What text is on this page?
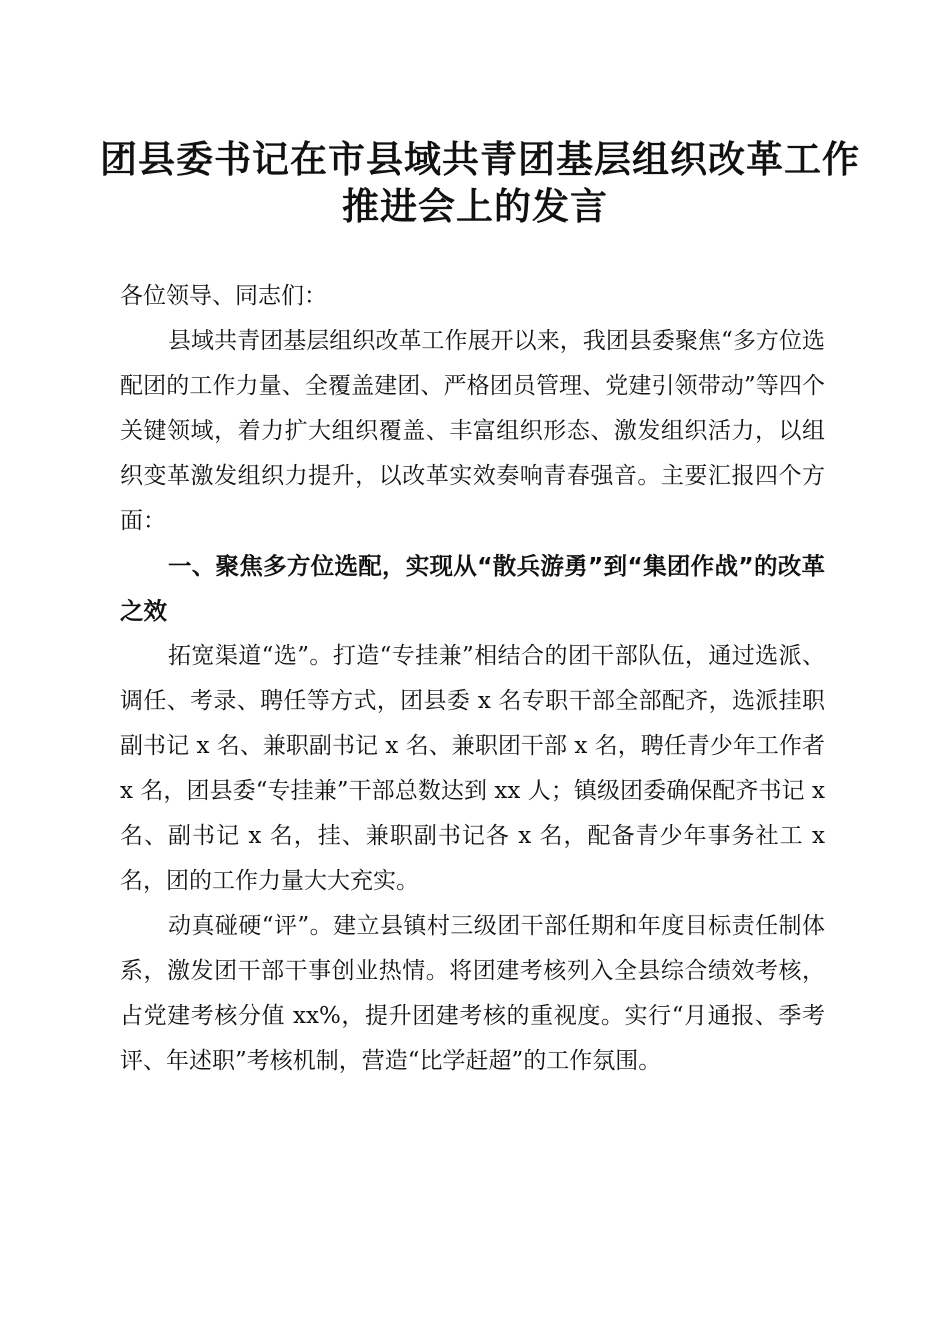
团县委书记在市县域共青团基层组织改革工作
推进会上的发言

各位领导、同志们：

县域共青团基层组织改革工作展开以来，我团县委聚焦“多方位选配团的工作力量、全覆盖建团、严格团员管理、党建引领带动”等四个关键领域，着力扩大组织覆盖、丰富组织形态、激发组织活力，以组织变革激发组织力提升，以改革实效奏响青春强音。主要汇报四个方面：

一、聚焦多方位选配，实现从“散兵游勇”到“集团作战”的改革之效

拓宽渠道“选”。打造“专挂兼”相结合的团干部队伍，通过选派、调任、考录、聘任等方式，团县委 x 名专职干部全部配齐，选派挂职副书记 x 名、兼职副书记 x 名、兼职团干部 x 名，聘任青少年工作者 x 名，团县委“专挂兼”干部总数达到 xx 人；镇级团委确保配齐书记 x 名、副书记 x 名，挂、兼职副书记各 x 名，配备青少年事务社工 x 名，团的工作力量大大充实。

动真碰硬“评”。建立县镇村三级团干部任期和年度目标责任制体系，激发团干部干事创业热情。将团建考核列入全县综合绩效考核，占党建考核分值 xx%，提升团建考核的重视度。实行“月通报、季考评、年述职”考核机制，营造“比学赶超”的工作氛围。
